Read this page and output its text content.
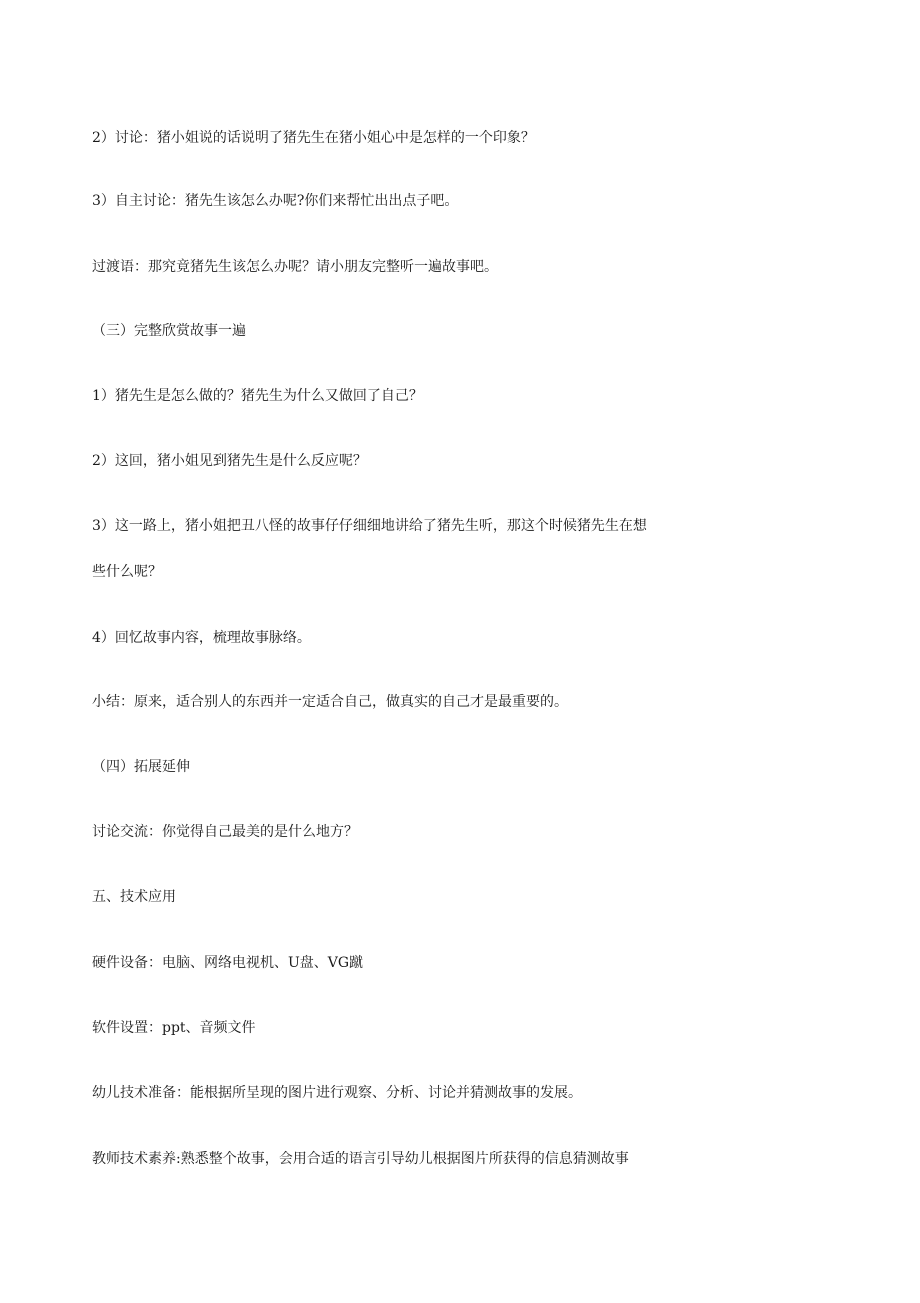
2）讨论：猪小姐说的话说明了猪先生在猪小姐心中是怎样的一个印象？
3）自主讨论：猪先生该怎么办呢?你们来帮忙出出点子吧。
过渡语：那究竟猪先生该怎么办呢？请小朋友完整听一遍故事吧。
（三）完整欣赏故事一遍
1）猪先生是怎么做的？猪先生为什么又做回了自己？
2）这回，猪小姐见到猪先生是什么反应呢？
3）这一路上，猪小姐把丑八怪的故事仔仔细细地讲给了猪先生听，那这个时候猪先生在想
些什么呢？
4）回忆故事内容，梳理故事脉络。
小结：原来，适合别人的东西并一定适合自己，做真实的自己才是最重要的。
（四）拓展延伸
讨论交流：你觉得自己最美的是什么地方？
五、技术应用
硬件设备：电脑、网络电视机、U盘、VG蹴
软件设置：ppt、音频文件
幼儿技术准备：能根据所呈现的图片进行观察、分析、讨论并猜测故事的发展。
教师技术素养:熟悉整个故事，会用合适的语言引导幼儿根据图片所获得的信息猜测故事
